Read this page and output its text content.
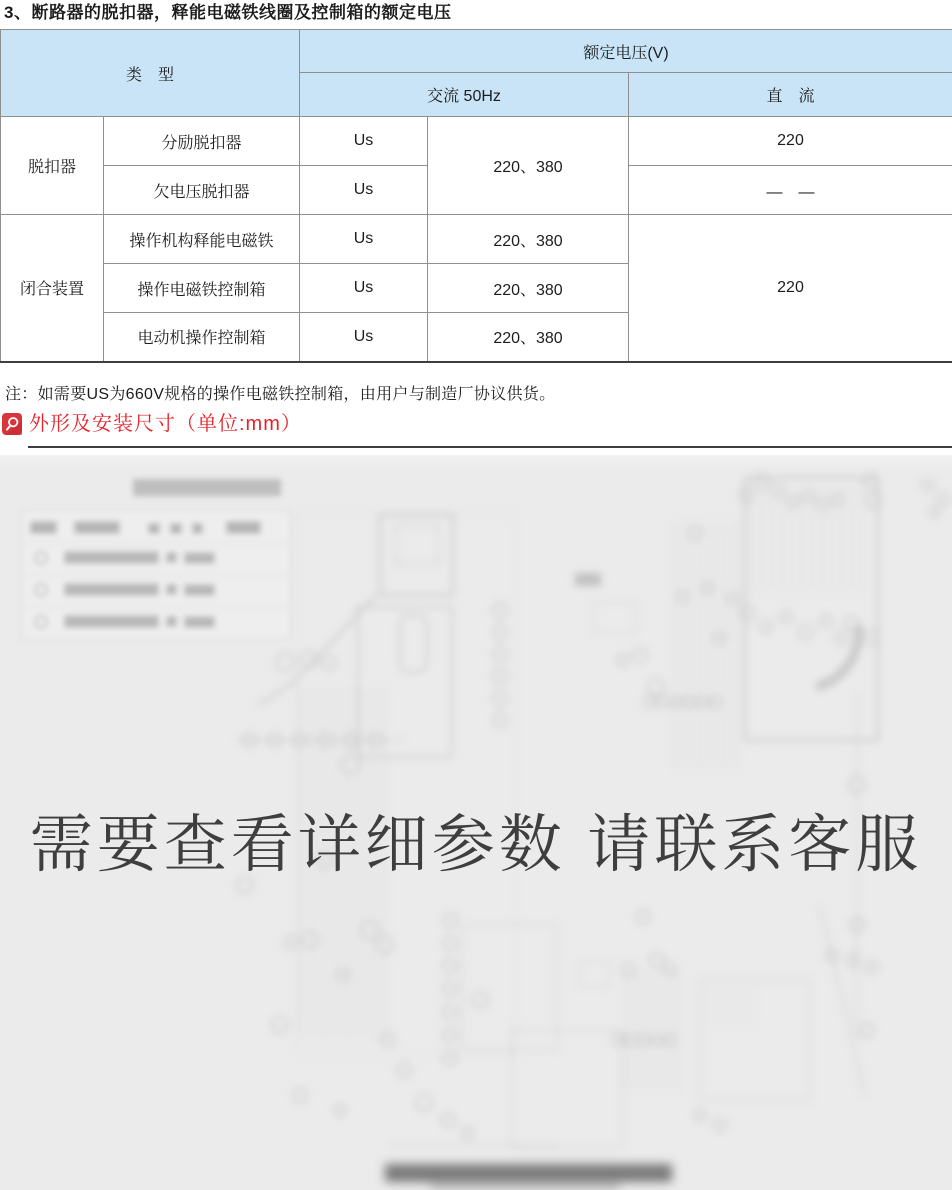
3、断路器的脱扣器，释能电磁铁线圈及控制箱的额定电压
类　型		额定电压(V)		
		交流 50Hz		直　流
脱扣器	分励脱扣器	Us	220、380	220
	欠电压脱扣器	Us		—　—
闭合装置	操作机构释能电磁铁	Us	220、380	220
	操作电磁铁控制箱	Us	220、380	
	电动机操作控制箱	Us	220、380	
注：如需要US为660V规格的操作电磁铁控制箱，由用户与制造厂协议供货。
外形及安装尺寸（单位:mm）
需要查看详细参数 请联系客服
